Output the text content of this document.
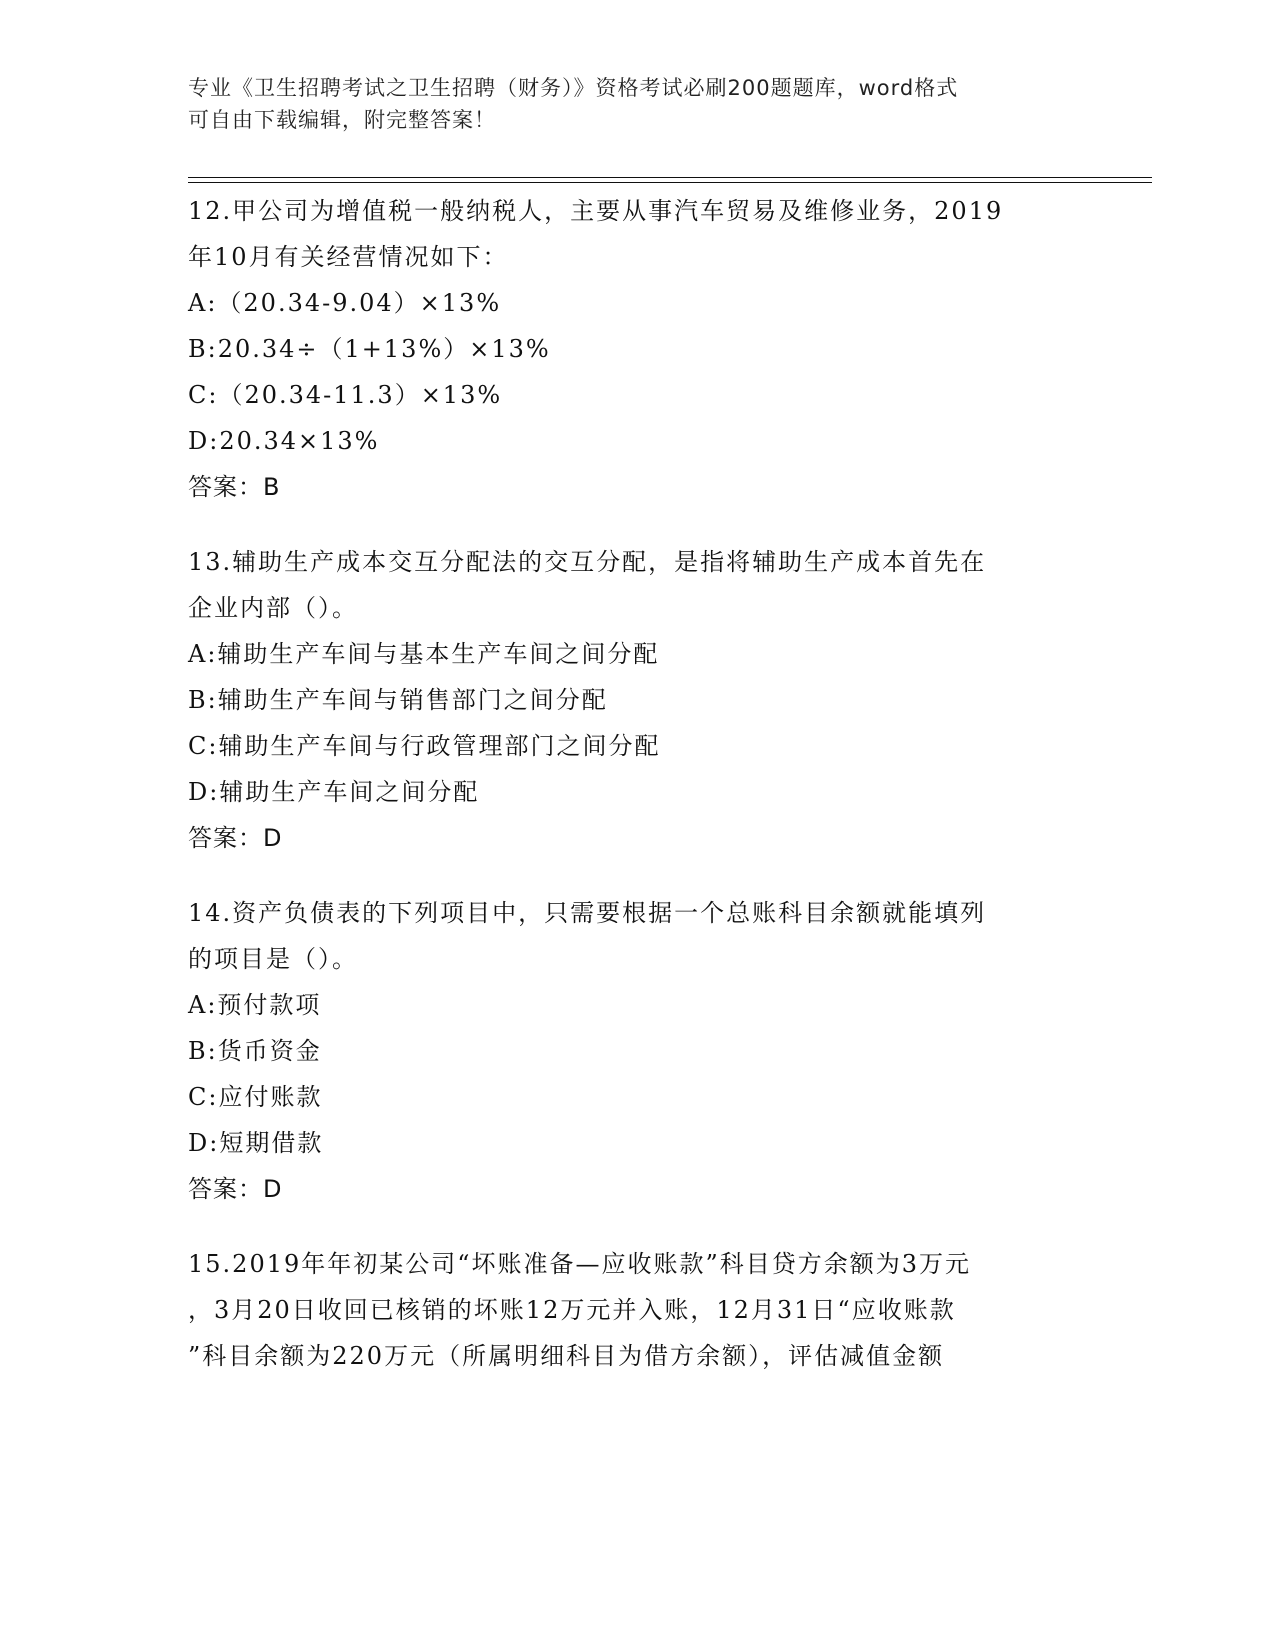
专业《卫生招聘考试之卫生招聘（财务）》资格考试必刷200题题库，word格式
可自由下载编辑，附完整答案！
12.甲公司为增值税一般纳税人，主要从事汽车贸易及维修业务，2019
年10月有关经营情况如下：
A:（20.34-9.04）×13%
B:20.34÷（1+13%）×13%
C:（20.34-11.3）×13%
D:20.34×13%
答案：B
13.辅助生产成本交互分配法的交互分配，是指将辅助生产成本首先在
企业内部（）。
A:辅助生产车间与基本生产车间之间分配
B:辅助生产车间与销售部门之间分配
C:辅助生产车间与行政管理部门之间分配
D:辅助生产车间之间分配
答案：D
14.资产负债表的下列项目中，只需要根据一个总账科目余额就能填列
的项目是（）。
A:预付款项
B:货币资金
C:应付账款
D:短期借款
答案：D
15.2019年年初某公司“坏账准备—应收账款”科目贷方余额为3万元
，3月20日收回已核销的坏账12万元并入账，12月31日“应收账款
”科目余额为220万元（所属明细科目为借方余额），评估减值金额
